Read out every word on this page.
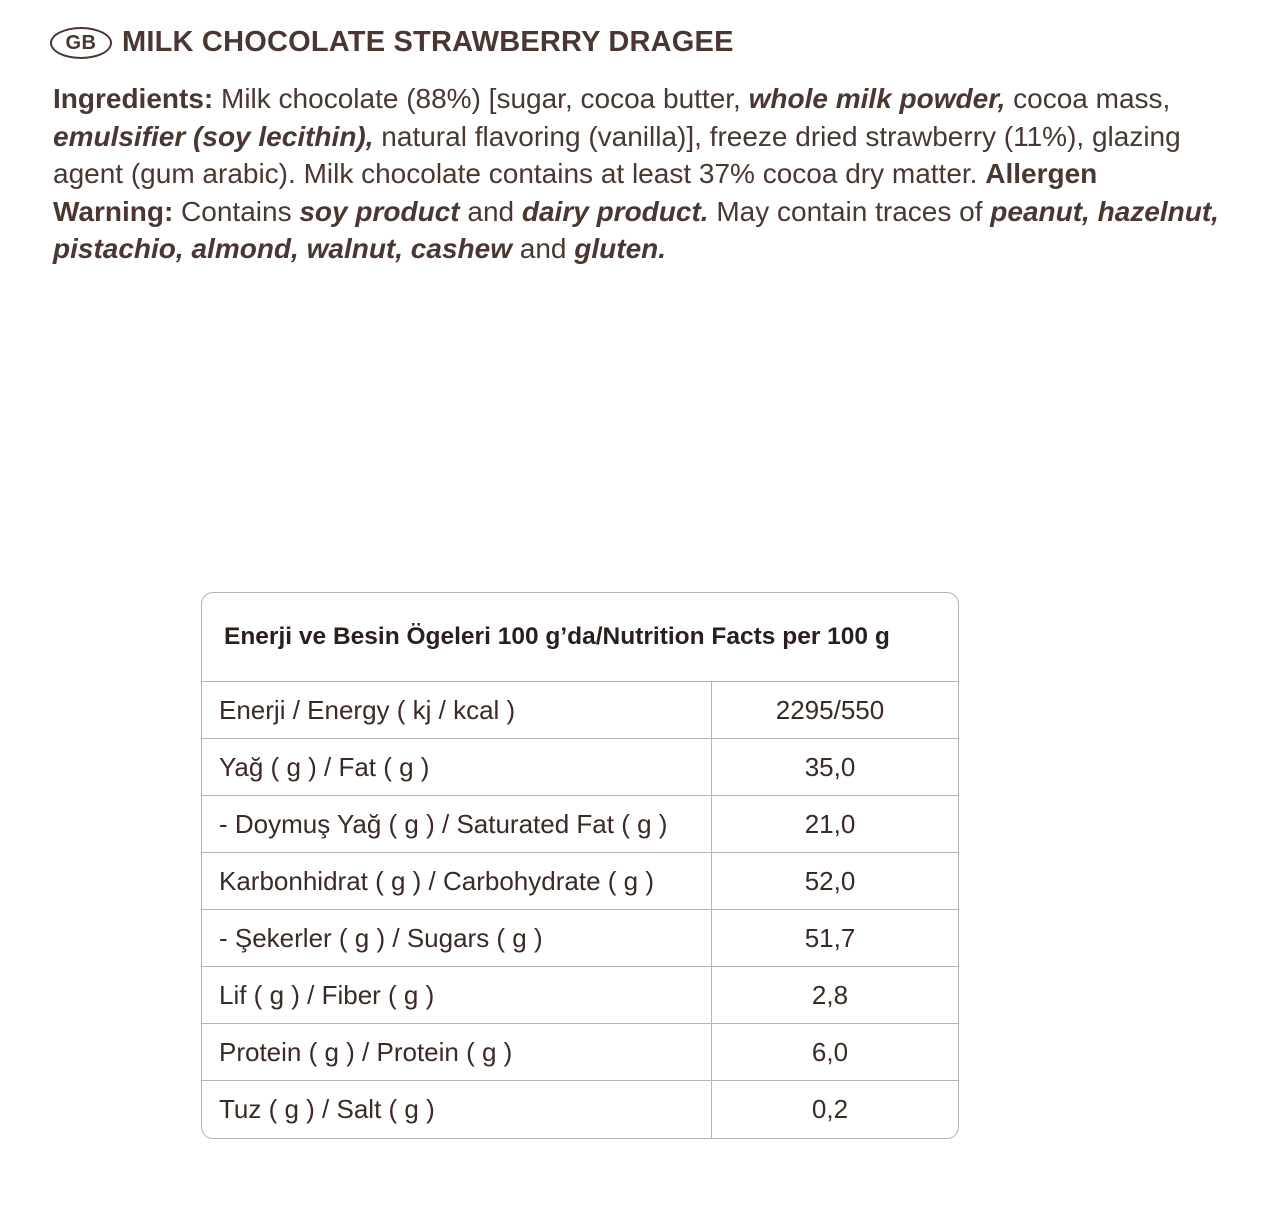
GB MILK CHOCOLATE STRAWBERRY DRAGEE
Ingredients: Milk chocolate (88%) [sugar, cocoa butter, whole milk powder, cocoa mass, emulsifier (soy lecithin), natural flavoring (vanilla)], freeze dried strawberry (11%), glazing agent (gum arabic). Milk chocolate contains at least 37% cocoa dry matter. Allergen Warning: Contains soy product and dairy product. May contain traces of peanut, hazelnut, pistachio, almond, walnut, cashew and gluten.
Enerji ve Besin Ögeleri 100 g’da/Nutrition Facts per 100 g
Enerji / Energy ( kj / kcal )	2295/550
Yağ ( g ) / Fat ( g )	35,0
- Doymuş Yağ ( g ) / Saturated Fat ( g )	21,0
Karbonhidrat ( g ) / Carbohydrate ( g )	52,0
- Şekerler ( g ) / Sugars ( g )	51,7
Lif ( g ) / Fiber ( g )	2,8
Protein ( g ) / Protein ( g )	6,0
Tuz ( g ) / Salt ( g )	0,2
